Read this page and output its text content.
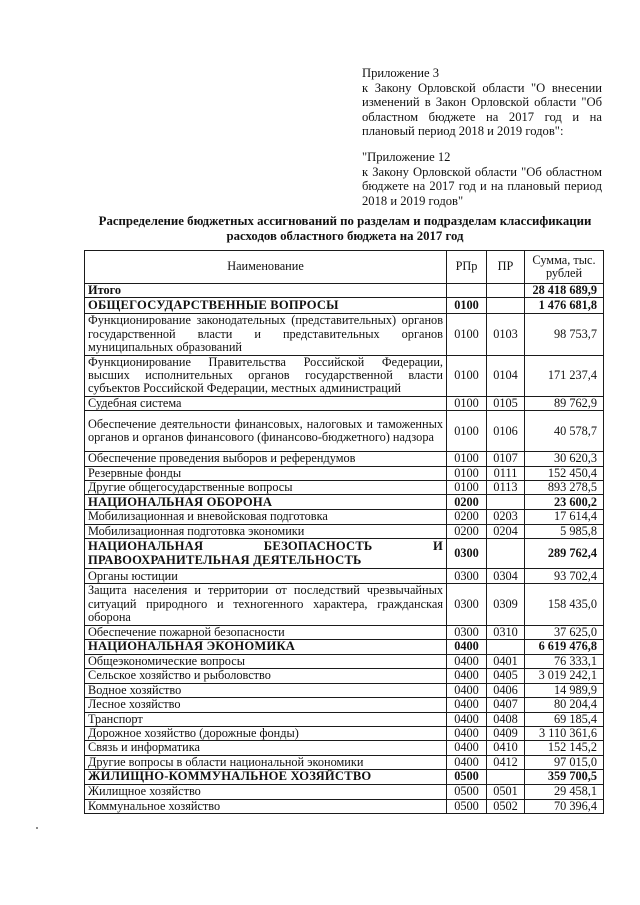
Приложение 3

к Закону Орловской области "О внесении изменений в Закон Орловской области "Об областном бюджете на 2017 год и на плановый период 2018 и 2019 годов":

"Приложение 12

к Закону Орловской области "Об областном бюджете на 2017 год и на плановый период 2018 и 2019 годов"

Распределение бюджетных ассигнований по разделам и подразделам классификации расходов областного бюджета на 2017 год
Наименование	РПр	ПР	Сумма, тыс. рублей
Итого			28 418 689,9
ОБЩЕГОСУДАРСТВЕННЫЕ ВОПРОСЫ	0100		1 476 681,8
Функционирование законодательных (представительных) органов государственной власти и представительных органов муниципальных образований	0100	0103	98 753,7
Функционирование Правительства Российской Федерации, высших исполнительных органов государственной власти субъектов Российской Федерации, местных администраций	0100	0104	171 237,4
Судебная система	0100	0105	89 762,9
Обеспечение деятельности финансовых, налоговых и таможенных органов и органов финансового (финансово-бюджетного) надзора	0100	0106	40 578,7
Обеспечение проведения выборов и референдумов	0100	0107	30 620,3
Резервные фонды	0100	0111	152 450,4
Другие общегосударственные вопросы	0100	0113	893 278,5
НАЦИОНАЛЬНАЯ ОБОРОНА	0200		23 600,2
Мобилизационная и вневойсковая подготовка	0200	0203	17 614,4
Мобилизационная подготовка экономики	0200	0204	5 985,8
НАЦИОНАЛЬНАЯ БЕЗОПАСНОСТЬ И ПРАВООХРАНИТЕЛЬНАЯ ДЕЯТЕЛЬНОСТЬ	0300		289 762,4
Органы юстиции	0300	0304	93 702,4
Защита населения и территории от последствий чрезвычайных ситуаций природного и техногенного характера, гражданская оборона	0300	0309	158 435,0
Обеспечение пожарной безопасности	0300	0310	37 625,0
НАЦИОНАЛЬНАЯ ЭКОНОМИКА	0400		6 619 476,8
Общеэкономические вопросы	0400	0401	76 333,1
Сельское хозяйство и рыболовство	0400	0405	3 019 242,1
Водное хозяйство	0400	0406	14 989,9
Лесное хозяйство	0400	0407	80 204,4
Транспорт	0400	0408	69 185,4
Дорожное хозяйство (дорожные фонды)	0400	0409	3 110 361,6
Связь и информатика	0400	0410	152 145,2
Другие вопросы в области национальной экономики	0400	0412	97 015,0
ЖИЛИЩНО-КОММУНАЛЬНОЕ ХОЗЯЙСТВО	0500		359 700,5
Жилищное хозяйство	0500	0501	29 458,1
Коммунальное хозяйство	0500	0502	70 396,4
